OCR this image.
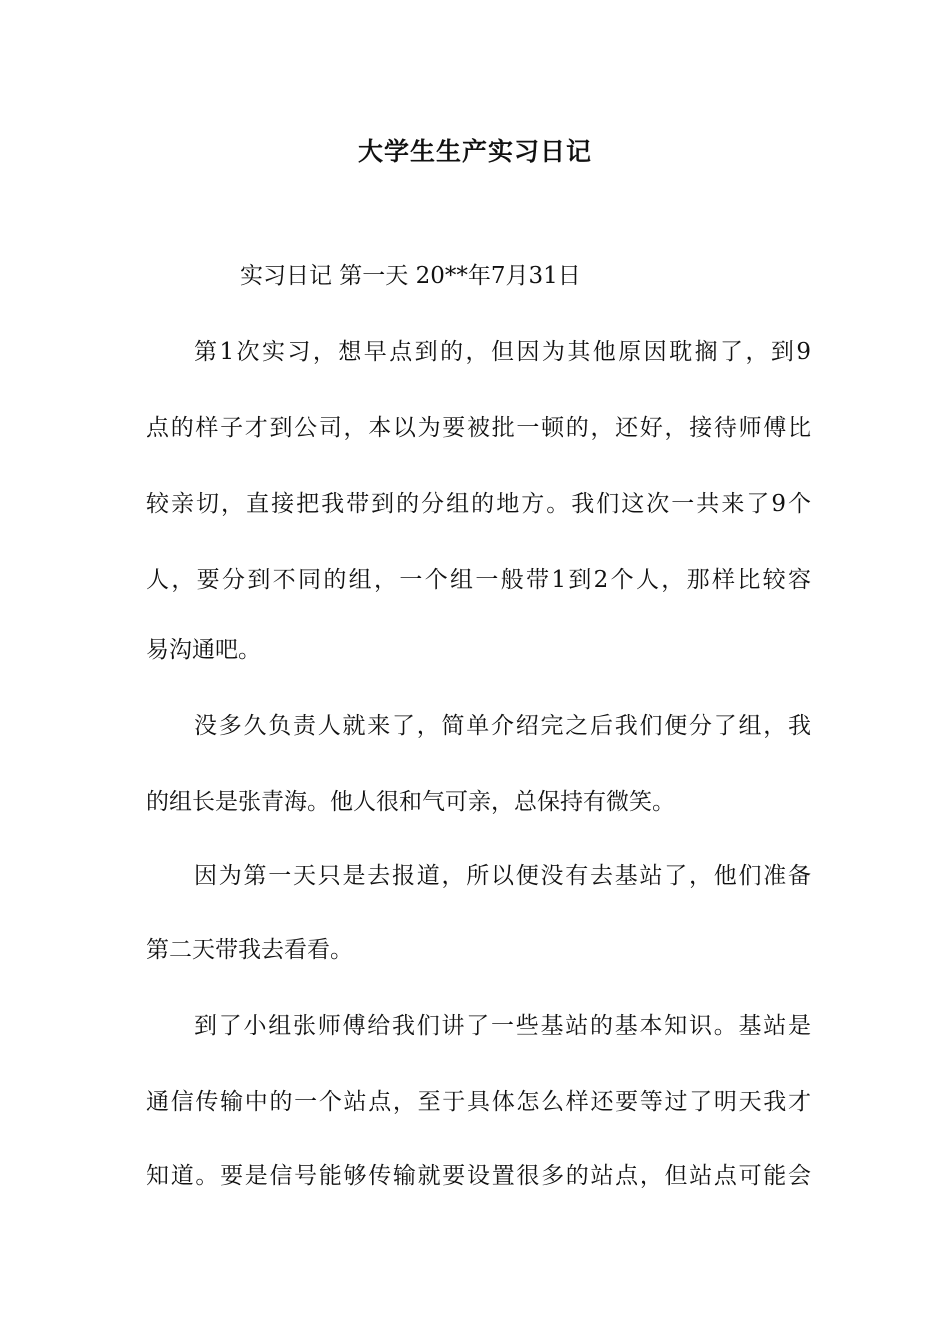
大学生生产实习日记
实习日记 第一天 20**年7月31日
第1次实习，想早点到的，但因为其他原因耽搁了，到9
点的样子才到公司，本以为要被批一顿的，还好，接待师傅比
较亲切，直接把我带到的分组的地方。我们这次一共来了9个
人，要分到不同的组，一个组一般带1到2个人，那样比较容
易沟通吧。
没多久负责人就来了，简单介绍完之后我们便分了组，我
的组长是张青海。他人很和气可亲，总保持有微笑。
因为第一天只是去报道，所以便没有去基站了，他们准备
第二天带我去看看。
到了小组张师傅给我们讲了一些基站的基本知识。基站是
通信传输中的一个站点，至于具体怎么样还要等过了明天我才
知道。要是信号能够传输就要设置很多的站点，但站点可能会
